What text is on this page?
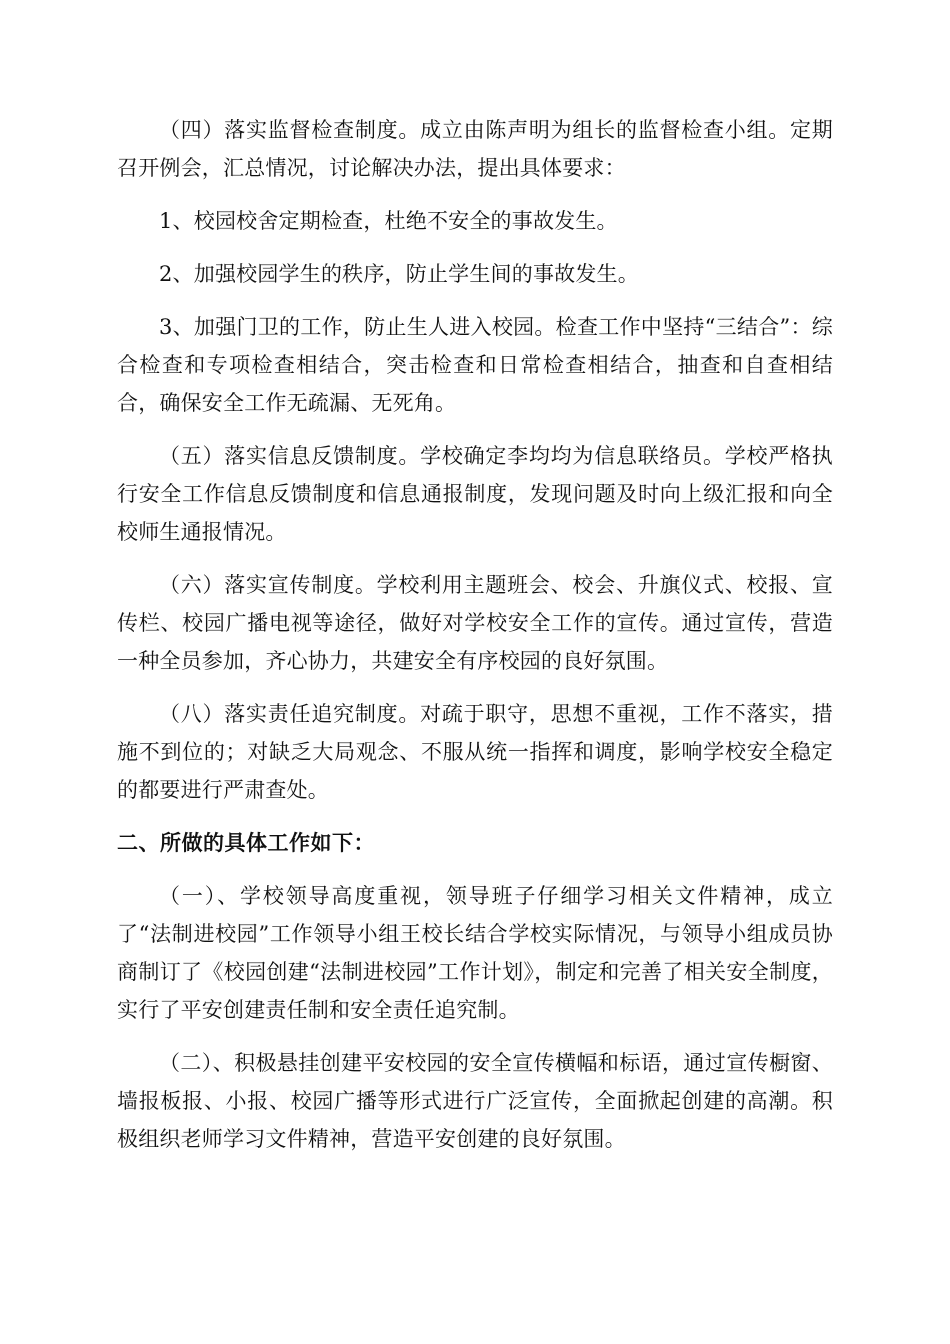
（四）落实监督检查制度。成立由陈声明为组长的监督检查小组。定期召开例会，汇总情况，讨论解决办法，提出具体要求：

1、校园校舍定期检查，杜绝不安全的事故发生。

2、加强校园学生的秩序，防止学生间的事故发生。

3、加强门卫的工作，防止生人进入校园。检查工作中坚持“三结合”：综合检查和专项检查相结合，突击检查和日常检查相结合，抽查和自查相结合，确保安全工作无疏漏、无死角。

（五）落实信息反馈制度。学校确定李均均为信息联络员。学校严格执行安全工作信息反馈制度和信息通报制度，发现问题及时向上级汇报和向全校师生通报情况。

（六）落实宣传制度。学校利用主题班会、校会、升旗仪式、校报、宣传栏、校园广播电视等途径，做好对学校安全工作的宣传。通过宣传，营造一种全员参加，齐心协力，共建安全有序校园的良好氛围。

（八）落实责任追究制度。对疏于职守，思想不重视，工作不落实，措施不到位的；对缺乏大局观念、不服从统一指挥和调度，影响学校安全稳定的都要进行严肃查处。

二、所做的具体工作如下：

（一）、学校领导高度重视，领导班子仔细学习相关文件精神，成立了“法制进校园”工作领导小组王校长结合学校实际情况，与领导小组成员协商制订了《校园创建“法制进校园”工作计划》，制定和完善了相关安全制度，实行了平安创建责任制和安全责任追究制。

（二）、积极悬挂创建平安校园的安全宣传横幅和标语，通过宣传橱窗、墙报板报、小报、校园广播等形式进行广泛宣传，全面掀起创建的高潮。积极组织老师学习文件精神，营造平安创建的良好氛围。
